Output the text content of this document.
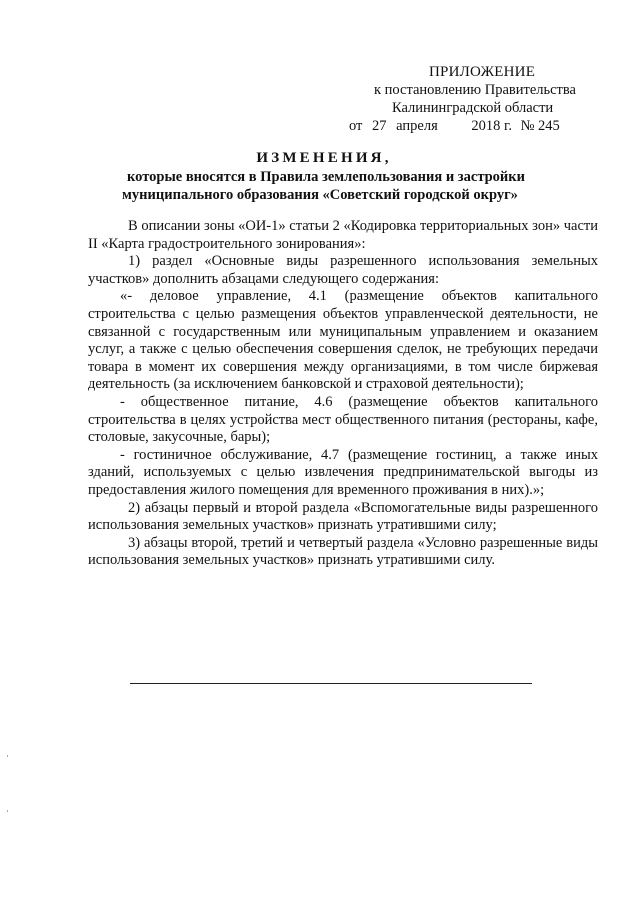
ПРИЛОЖЕНИЕ
к постановлению Правительства
Калининградской области
от 27 апреля 2018 г. № 245
ИЗМЕНЕНИЯ,
которые вносятся в Правила землепользования и застройки
муниципального образования «Советский городской округ»

В описании зоны «ОИ-1» статьи 2 «Кодировка территориальных зон» части II «Карта градостроительного зонирования»:

1) раздел «Основные виды разрешенного использования земельных участков» дополнить абзацами следующего содержания:

«- деловое управление, 4.1 (размещение объектов капитального строительства с целью размещения объектов управленческой деятельности, не связанной с государственным или муниципальным управлением и оказанием услуг, а также с целью обеспечения совершения сделок, не требующих передачи товара в момент их совершения между организациями, в том числе биржевая деятельность (за исключением банковской и страховой деятельности);

- общественное питание, 4.6 (размещение объектов капитального строительства в целях устройства мест общественного питания (рестораны, кафе, столовые, закусочные, бары);

- гостиничное обслуживание, 4.7 (размещение гостиниц, а также иных зданий, используемых с целью извлечения предпринимательской выгоды из предоставления жилого помещения для временного проживания в них).»;

2) абзацы первый и второй раздела «Вспомогательные виды разрешенного использования земельных участков» признать утратившими силу;

3) абзацы второй, третий и четвертый раздела «Условно разрешенные виды использования земельных участков» признать утратившими силу.
